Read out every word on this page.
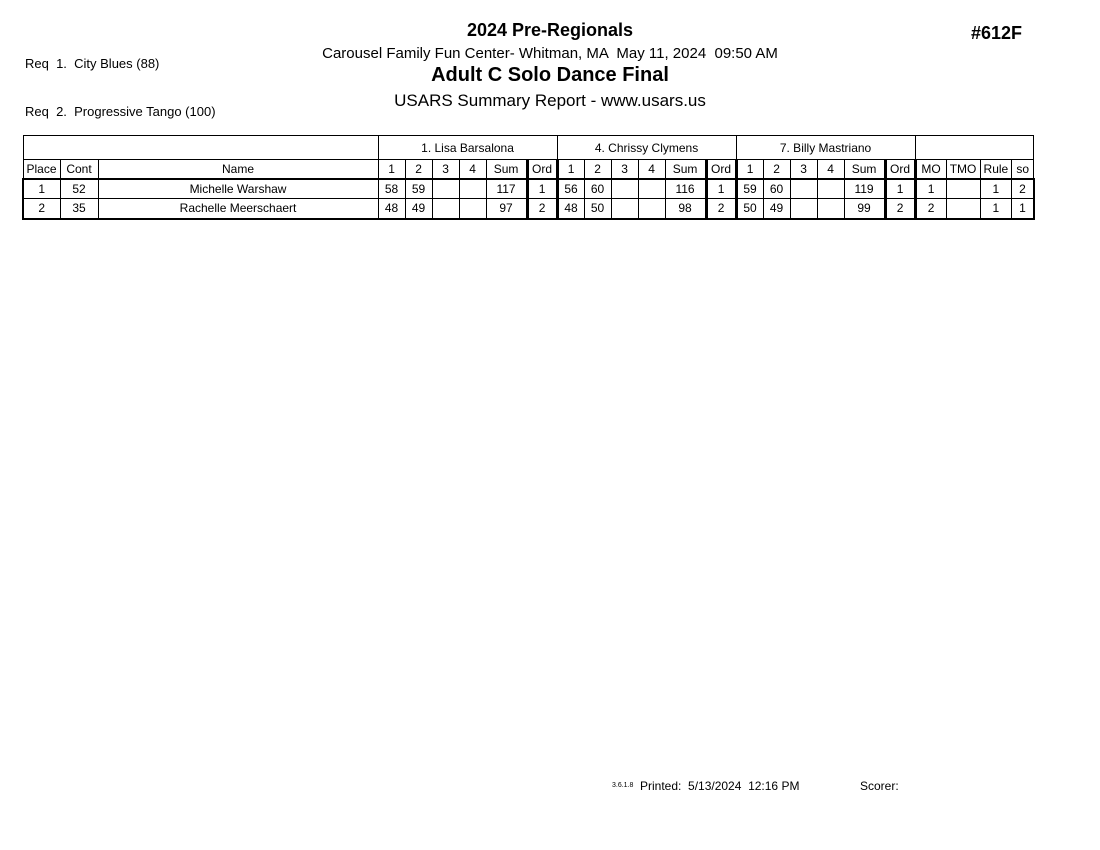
Req  1.  City Blues (88)

Req  2.  Progressive Tango (100)

2024 Pre-Regionals
Carousel Family Fun Center- Whitman, MA  May 11, 2024  09:50 AM
Adult C Solo Dance Final
USARS Summary Report - www.usars.us
#612F
			1. Lisa Barsalona						4. Chrissy Clymens						7. Billy Mastriano									
Place	Cont	Name	1	2	3	4	Sum	Ord	1	2	3	4	Sum	Ord	1	2	3	4	Sum	Ord	MO	TMO	Rule	so
1	52	Michelle Warshaw	58	59			117	1	56	60			116	1	59	60			119	1	1		1	2
2	35	Rachelle Meerschaert	48	49			97	2	48	50			98	2	50	49			99	2	2		1	1
3.6.1.8 Printed:  5/13/2024  12:16 PM	Scorer:
